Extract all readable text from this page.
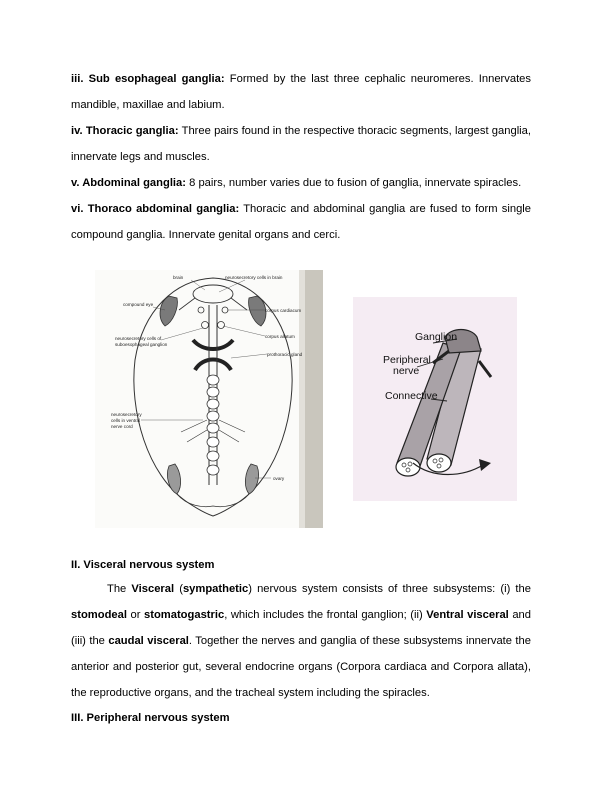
iii. Sub esophageal ganglia: Formed by the last three cephalic neuromeres. Innervates mandible, maxillae and labium.
iv. Thoracic ganglia: Three pairs found in the respective thoracic segments, largest ganglia, innervate legs and muscles.
v. Abdominal ganglia: 8 pairs, number varies due to fusion of ganglia, innervate spiracles.
vi. Thoraco abdominal ganglia: Thoracic and abdominal ganglia are fused to form single compound ganglia. Innervate genital organs and cerci.
brain	neurosecretory cells in brain
compound eye
corpus cardiacum
corpus allatum
neurosecretory cells of
suboesophageal ganglion
prothoracic gland
neurosecretory
cells in ventral
nerve cord
ovary
Ganglion
Peripheral
nerve
Connective
II. Visceral nervous system
The Visceral (sympathetic) nervous system consists of three subsystems: (i) the stomodeal or stomatogastric, which includes the frontal ganglion; (ii) Ventral visceral and (iii) the caudal visceral. Together the nerves and ganglia of these subsystems innervate the anterior and posterior gut, several endocrine organs (Corpora cardiaca and Corpora allata), the reproductive organs, and the tracheal system including the spiracles.
III. Peripheral nervous system
